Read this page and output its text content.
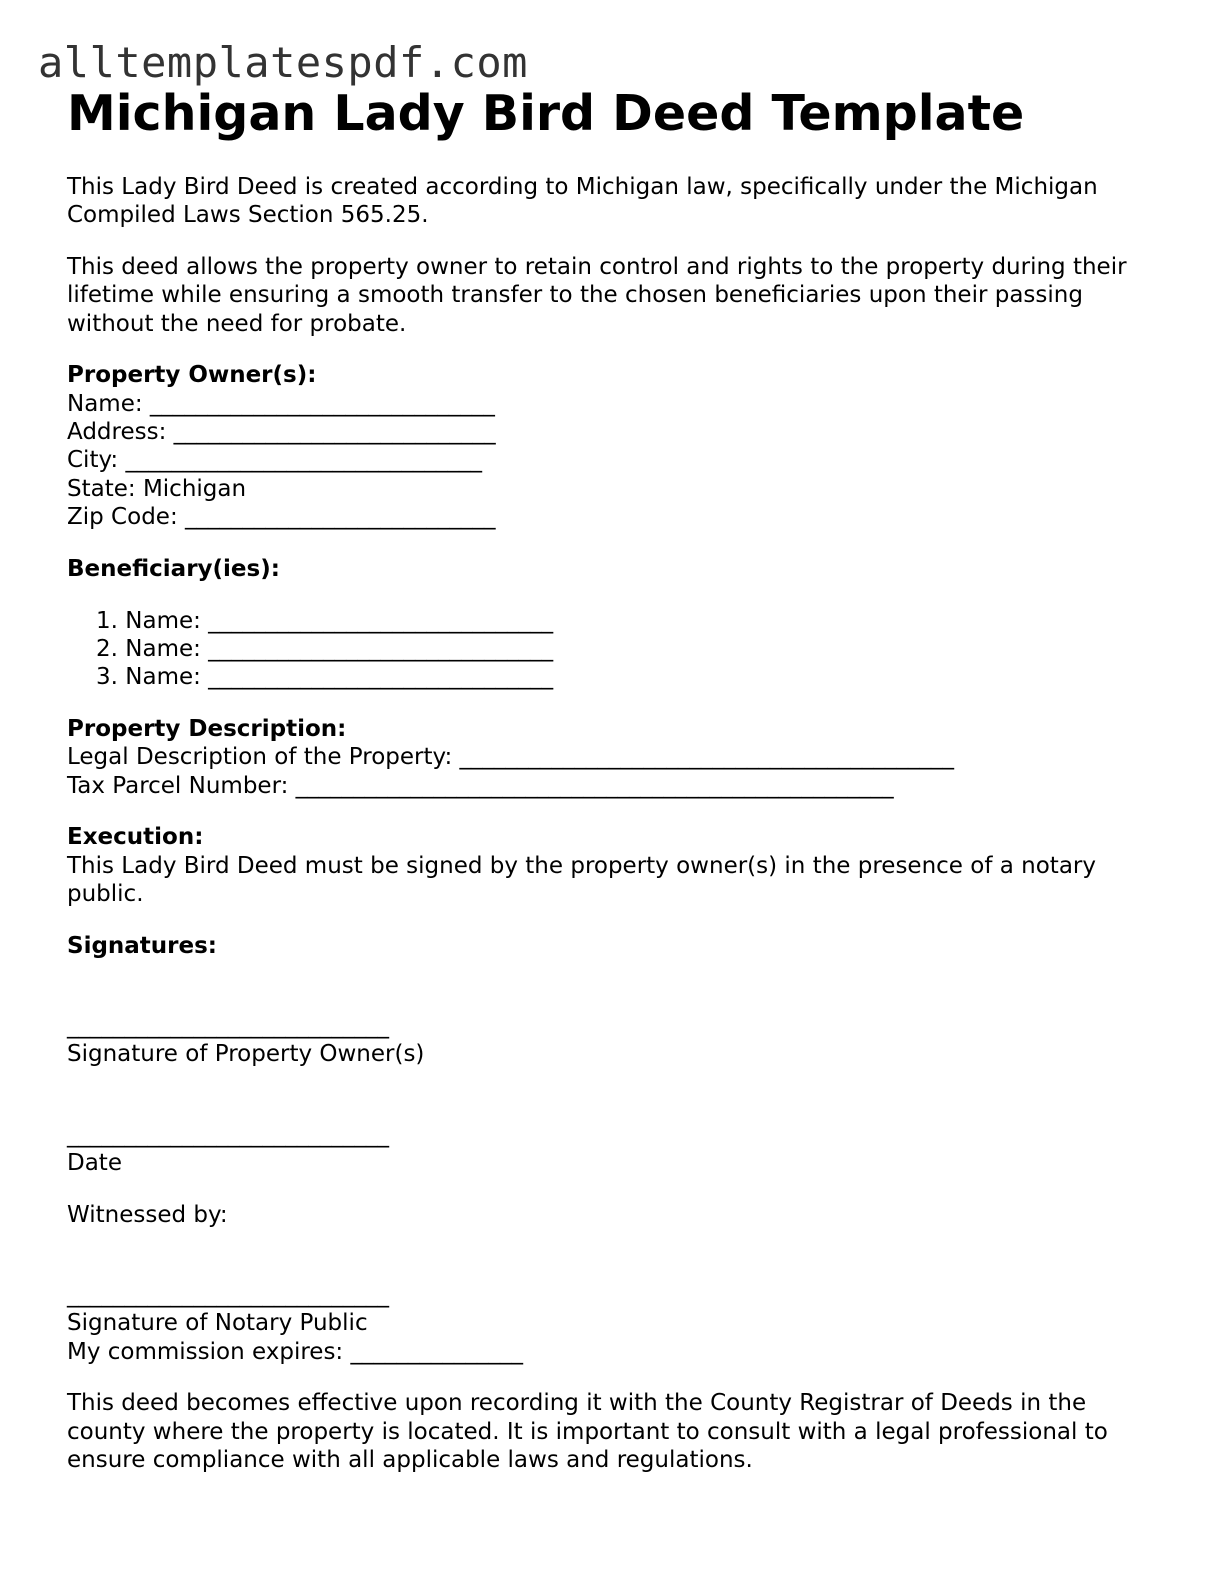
alltemplatespdf.com
Michigan Lady Bird Deed Template

This Lady Bird Deed is created according to Michigan law, specifically under the Michigan Compiled Laws Section 565.25.

This deed allows the property owner to retain control and rights to the property during their lifetime while ensuring a smooth transfer to the chosen beneficiaries upon their passing without the need for probate.

Property Owner(s):
Name: ______________________________
Address: ____________________________
City: _______________________________
State: Michigan
Zip Code: ___________________________
Beneficiary(ies):
1. Name: ______________________________
2. Name: ______________________________
3. Name: ______________________________
Property Description:
Legal Description of the Property: ___________________________________________
Tax Parcel Number: ____________________________________________________
Execution:
This Lady Bird Deed must be signed by the property owner(s) in the presence of a notary public.
Signatures:
____________________________
Signature of Property Owner(s)
____________________________
Date

Witnessed by:

____________________________
Signature of Notary Public
My commission expires: _______________

This deed becomes effective upon recording it with the County Registrar of Deeds in the county where the property is located. It is important to consult with a legal professional to ensure compliance with all applicable laws and regulations.
